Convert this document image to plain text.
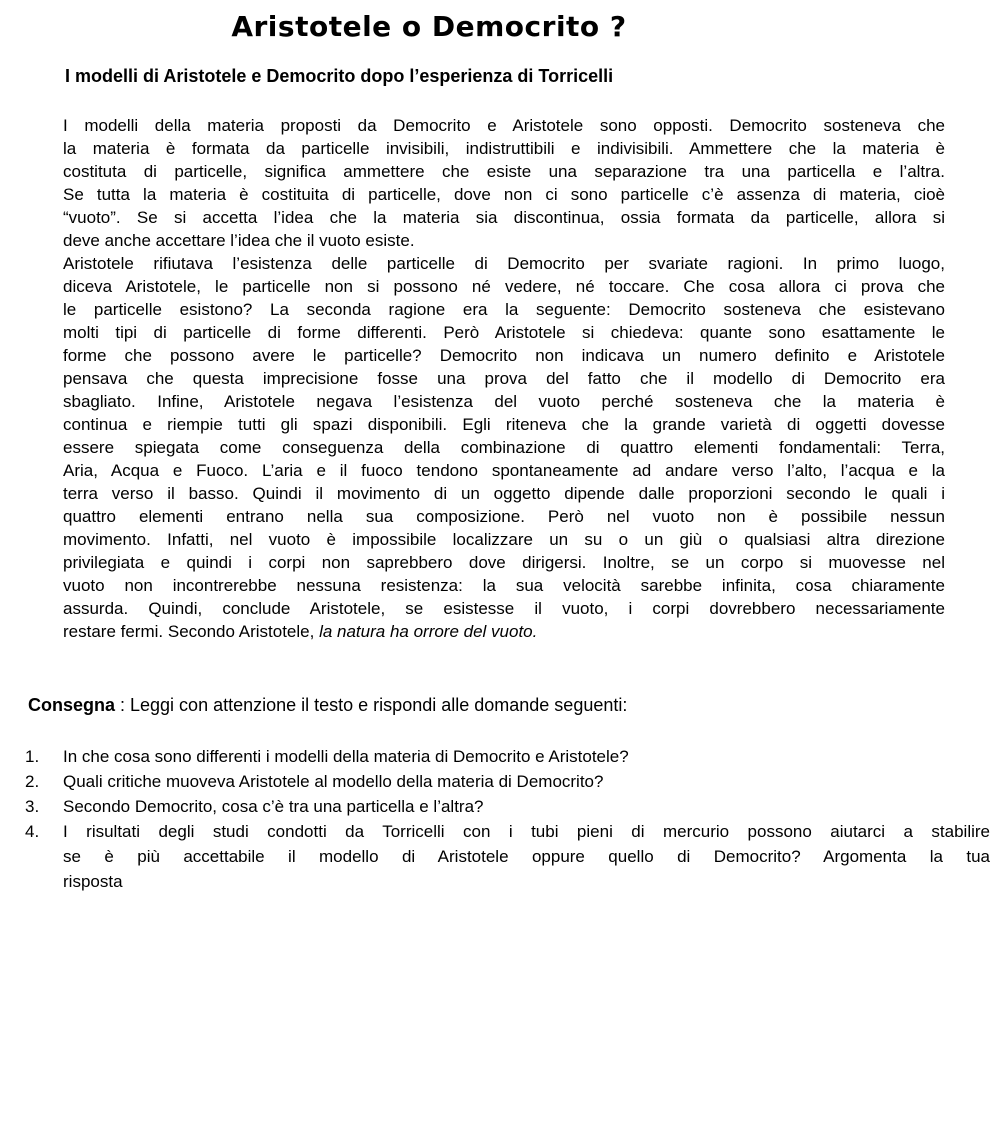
Aristotele o Democrito ?
I modelli di Aristotele e Democrito dopo l’esperienza di Torricelli
I modelli della materia proposti da Democrito e Aristotele sono opposti. Democrito sosteneva che
la materia è formata da particelle invisibili, indistruttibili e indivisibili. Ammettere che la materia è
costituta di particelle, significa ammettere che esiste una separazione tra una particella e l’altra.
Se tutta la materia è costituita di particelle, dove non ci sono particelle c’è assenza di materia, cioè
“vuoto”. Se si accetta l’idea che la materia sia discontinua, ossia formata da particelle, allora si
deve anche accettare l’idea che il vuoto esiste.
Aristotele rifiutava l’esistenza delle particelle di Democrito per svariate ragioni. In primo luogo,
diceva Aristotele, le particelle non si possono né vedere, né toccare. Che cosa allora ci prova che
le particelle esistono? La seconda ragione era la seguente: Democrito sosteneva che esistevano
molti tipi di particelle di forme differenti. Però Aristotele si chiedeva: quante sono esattamente le
forme che possono avere le particelle? Democrito non indicava un numero definito e Aristotele
pensava che questa imprecisione fosse una prova del fatto che il modello di Democrito era
sbagliato. Infine, Aristotele negava l’esistenza del vuoto perché sosteneva che la materia è
continua e riempie tutti gli spazi disponibili. Egli riteneva che la grande varietà di oggetti dovesse
essere spiegata come conseguenza della combinazione di quattro elementi fondamentali: Terra,
Aria, Acqua e Fuoco. L’aria e il fuoco tendono spontaneamente ad andare verso l’alto, l’acqua e la
terra verso il basso. Quindi il movimento di un oggetto dipende dalle proporzioni secondo le quali i
quattro elementi entrano nella sua composizione. Però nel vuoto non è possibile nessun
movimento. Infatti, nel vuoto è impossibile localizzare un su o un giù o qualsiasi altra direzione
privilegiata e quindi i corpi non saprebbero dove dirigersi. Inoltre, se un corpo si muovesse nel
vuoto non incontrerebbe nessuna resistenza: la sua velocità sarebbe infinita, cosa chiaramente
assurda. Quindi, conclude Aristotele, se esistesse il vuoto, i corpi dovrebbero necessariamente
restare fermi. Secondo Aristotele, la natura ha orrore del vuoto.
Consegna : Leggi con attenzione il testo e rispondi alle domande seguenti:
1.	In che cosa sono differenti i modelli della materia di Democrito e Aristotele?
2.	Quali critiche muoveva Aristotele al modello della materia di Democrito?
3.	Secondo Democrito, cosa c’è tra una particella e l’altra?
4.	I risultati degli studi condotti da Torricelli con i tubi pieni di mercurio possono aiutarci a stabilire
se è più accettabile il modello di Aristotele oppure quello di Democrito? Argomenta la tua
risposta
